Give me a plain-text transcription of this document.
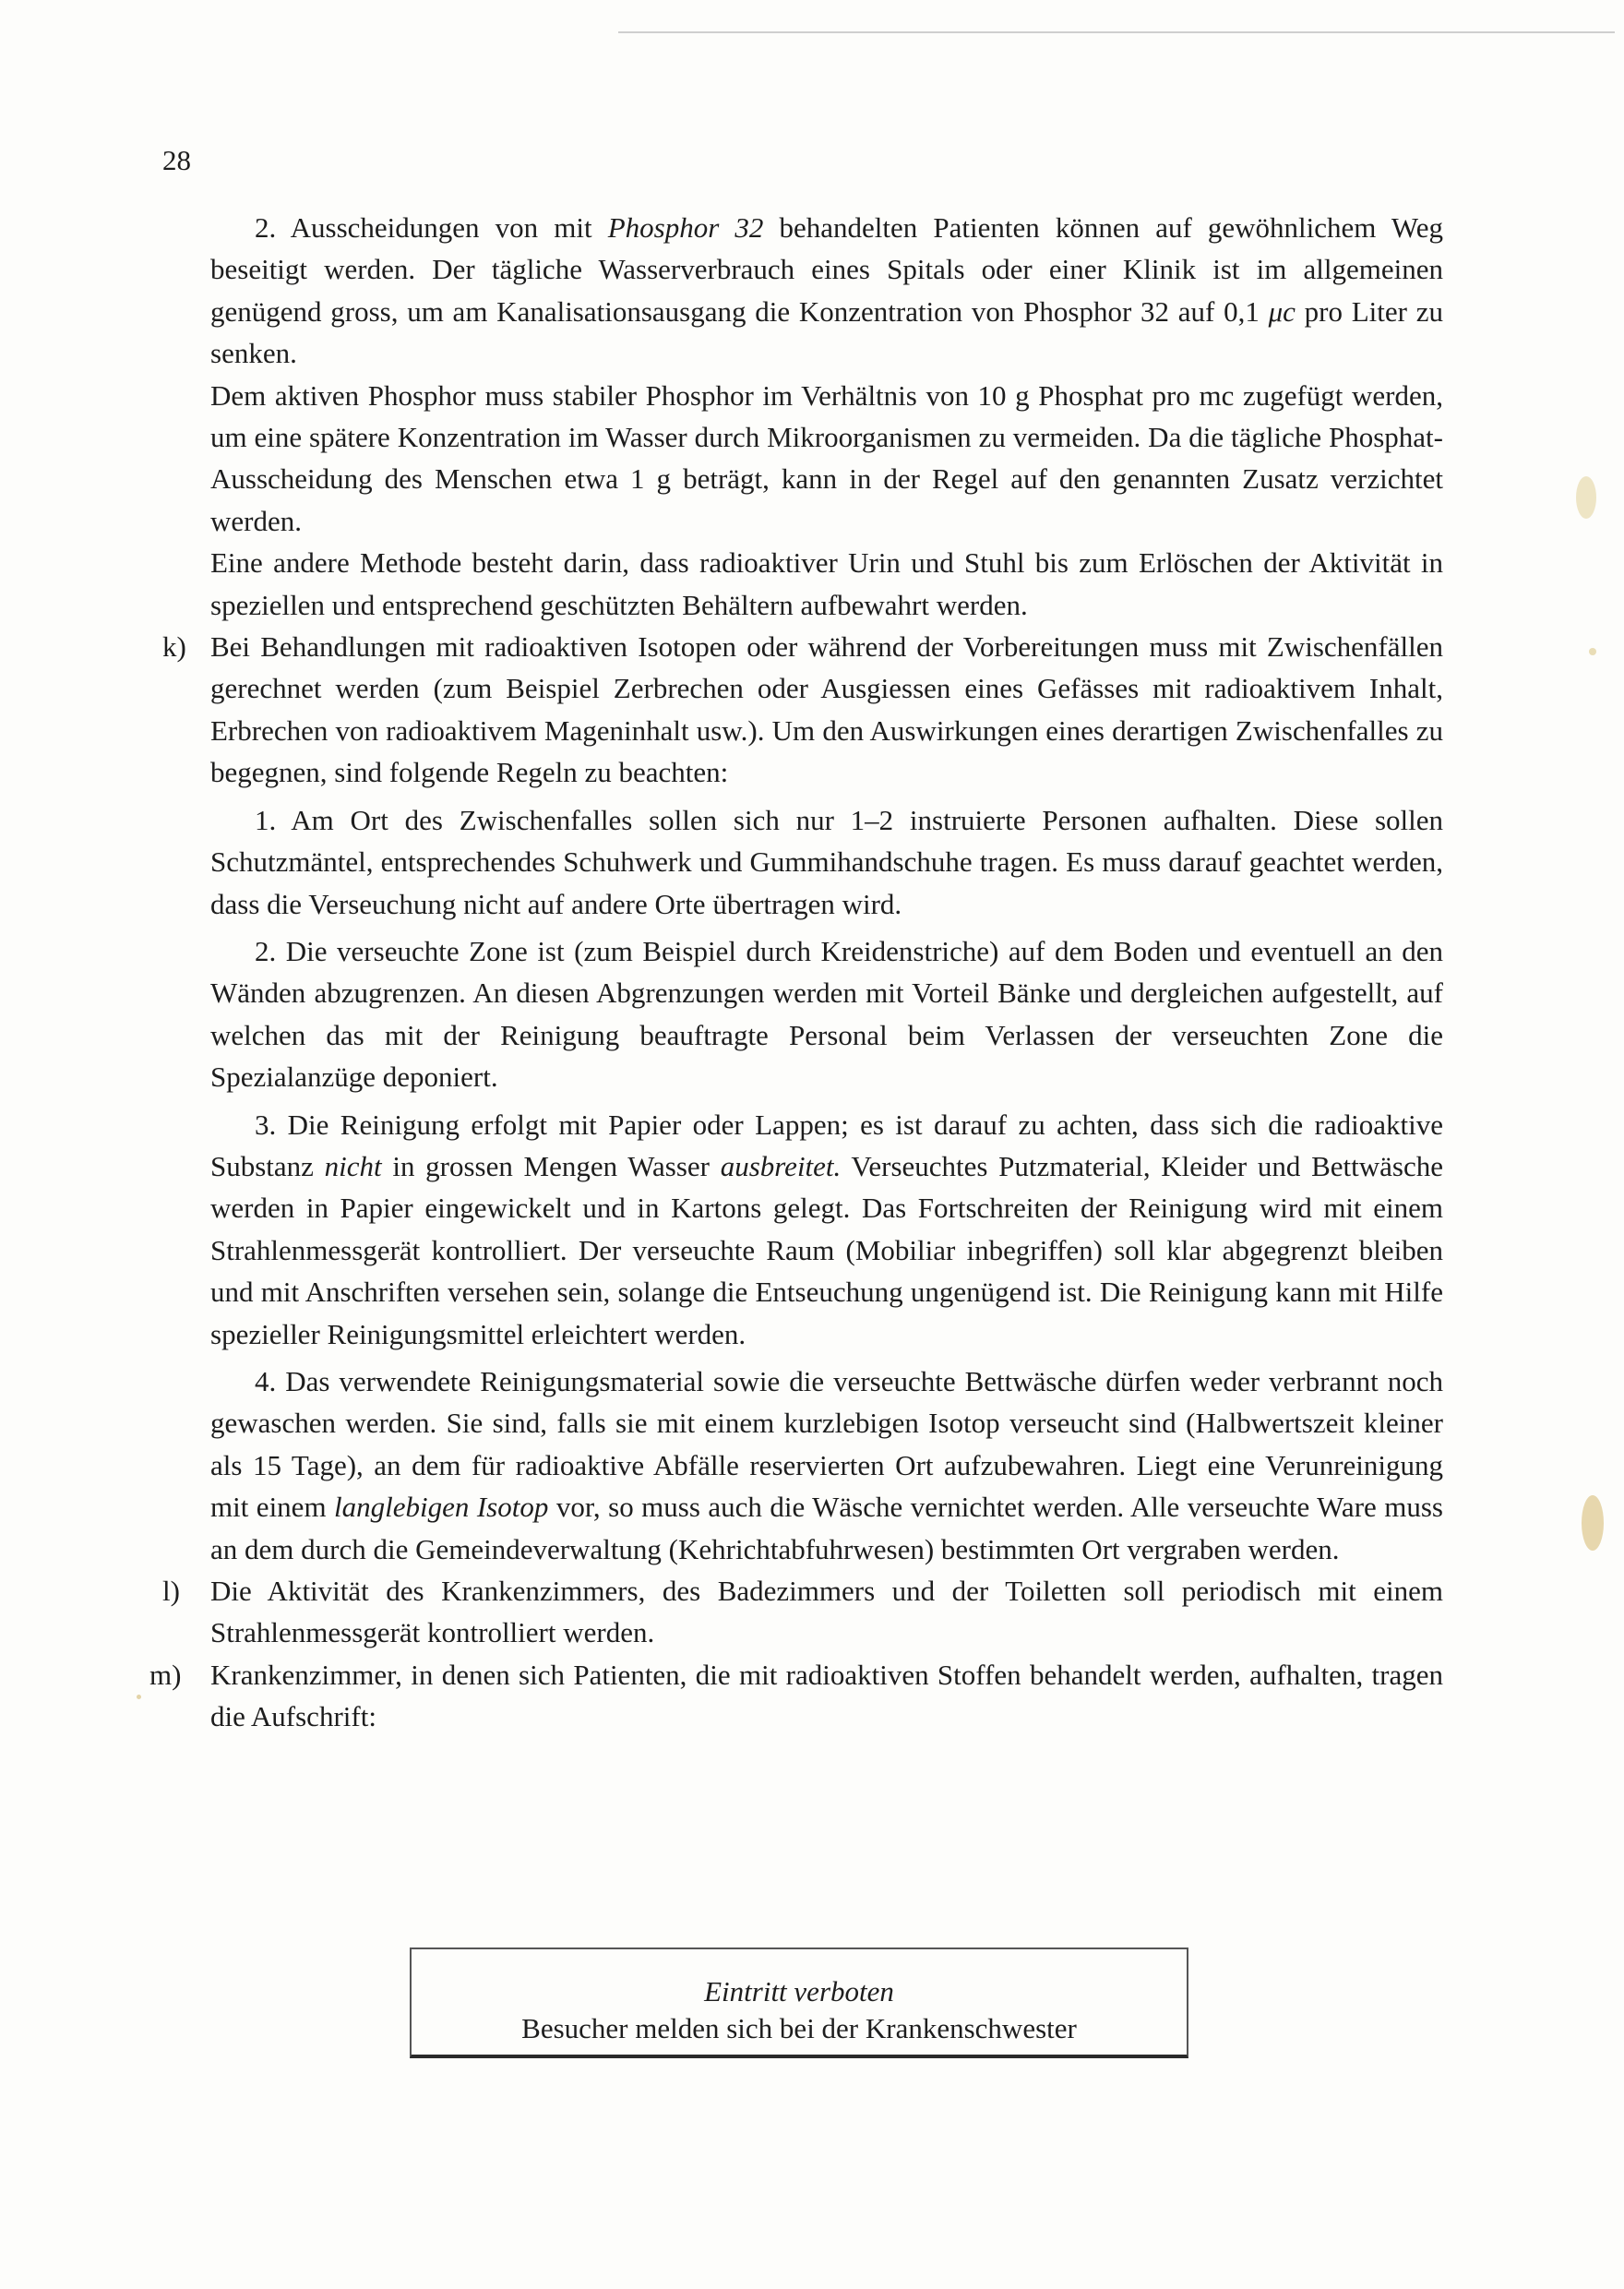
28

2. Ausscheidungen von mit Phosphor 32 behandelten Patienten können auf gewöhnlichem Weg beseitigt werden. Der tägliche Wasserverbrauch eines Spitals oder einer Klinik ist im allgemeinen genügend gross, um am Kanalisationsausgang die Konzentration von Phosphor 32 auf 0,1 μc pro Liter zu senken.

Dem aktiven Phosphor muss stabiler Phosphor im Verhältnis von 10 g Phosphat pro mc zugefügt werden, um eine spätere Konzentration im Wasser durch Mikroorganismen zu vermeiden. Da die tägliche Phosphat-Ausscheidung des Menschen etwa 1 g beträgt, kann in der Regel auf den genannten Zusatz verzichtet werden.

Eine andere Methode besteht darin, dass radioaktiver Urin und Stuhl bis zum Erlöschen der Aktivität in speziellen und entsprechend geschützten Behältern aufbewahrt werden.

k) Bei Behandlungen mit radioaktiven Isotopen oder während der Vorbereitungen muss mit Zwischenfällen gerechnet werden (zum Beispiel Zerbrechen oder Ausgiessen eines Gefässes mit radioaktivem Inhalt, Erbrechen von radioaktivem Mageninhalt usw.). Um den Auswirkungen eines derartigen Zwischenfalles zu begegnen, sind folgende Regeln zu beachten:

1. Am Ort des Zwischenfalles sollen sich nur 1–2 instruierte Personen aufhalten. Diese sollen Schutzmäntel, entsprechendes Schuhwerk und Gummihandschuhe tragen. Es muss darauf geachtet werden, dass die Verseuchung nicht auf andere Orte übertragen wird.

2. Die verseuchte Zone ist (zum Beispiel durch Kreidenstriche) auf dem Boden und eventuell an den Wänden abzugrenzen. An diesen Abgrenzungen werden mit Vorteil Bänke und dergleichen aufgestellt, auf welchen das mit der Reinigung beauftragte Personal beim Verlassen der verseuchten Zone die Spezialanzüge deponiert.

3. Die Reinigung erfolgt mit Papier oder Lappen; es ist darauf zu achten, dass sich die radioaktive Substanz nicht in grossen Mengen Wasser ausbreitet. Verseuchtes Putzmaterial, Kleider und Bettwäsche werden in Papier eingewickelt und in Kartons gelegt. Das Fortschreiten der Reinigung wird mit einem Strahlenmessgerät kontrolliert. Der verseuchte Raum (Mobiliar inbegriffen) soll klar abgegrenzt bleiben und mit Anschriften versehen sein, solange die Entseuchung ungenügend ist. Die Reinigung kann mit Hilfe spezieller Reinigungsmittel erleichtert werden.

4. Das verwendete Reinigungsmaterial sowie die verseuchte Bettwäsche dürfen weder verbrannt noch gewaschen werden. Sie sind, falls sie mit einem kurzlebigen Isotop verseucht sind (Halbwertszeit kleiner als 15 Tage), an dem für radioaktive Abfälle reservierten Ort aufzubewahren. Liegt eine Verunreinigung mit einem langlebigen Isotop vor, so muss auch die Wäsche vernichtet werden. Alle verseuchte Ware muss an dem durch die Gemeindeverwaltung (Kehrichtabfuhrwesen) bestimmten Ort vergraben werden.

l) Die Aktivität des Krankenzimmers, des Badezimmers und der Toiletten soll periodisch mit einem Strahlenmessgerät kontrolliert werden.

m) Krankenzimmer, in denen sich Patienten, die mit radioaktiven Stoffen behandelt werden, aufhalten, tragen die Aufschrift:

Eintritt verboten
Besucher melden sich bei der Krankenschwester
